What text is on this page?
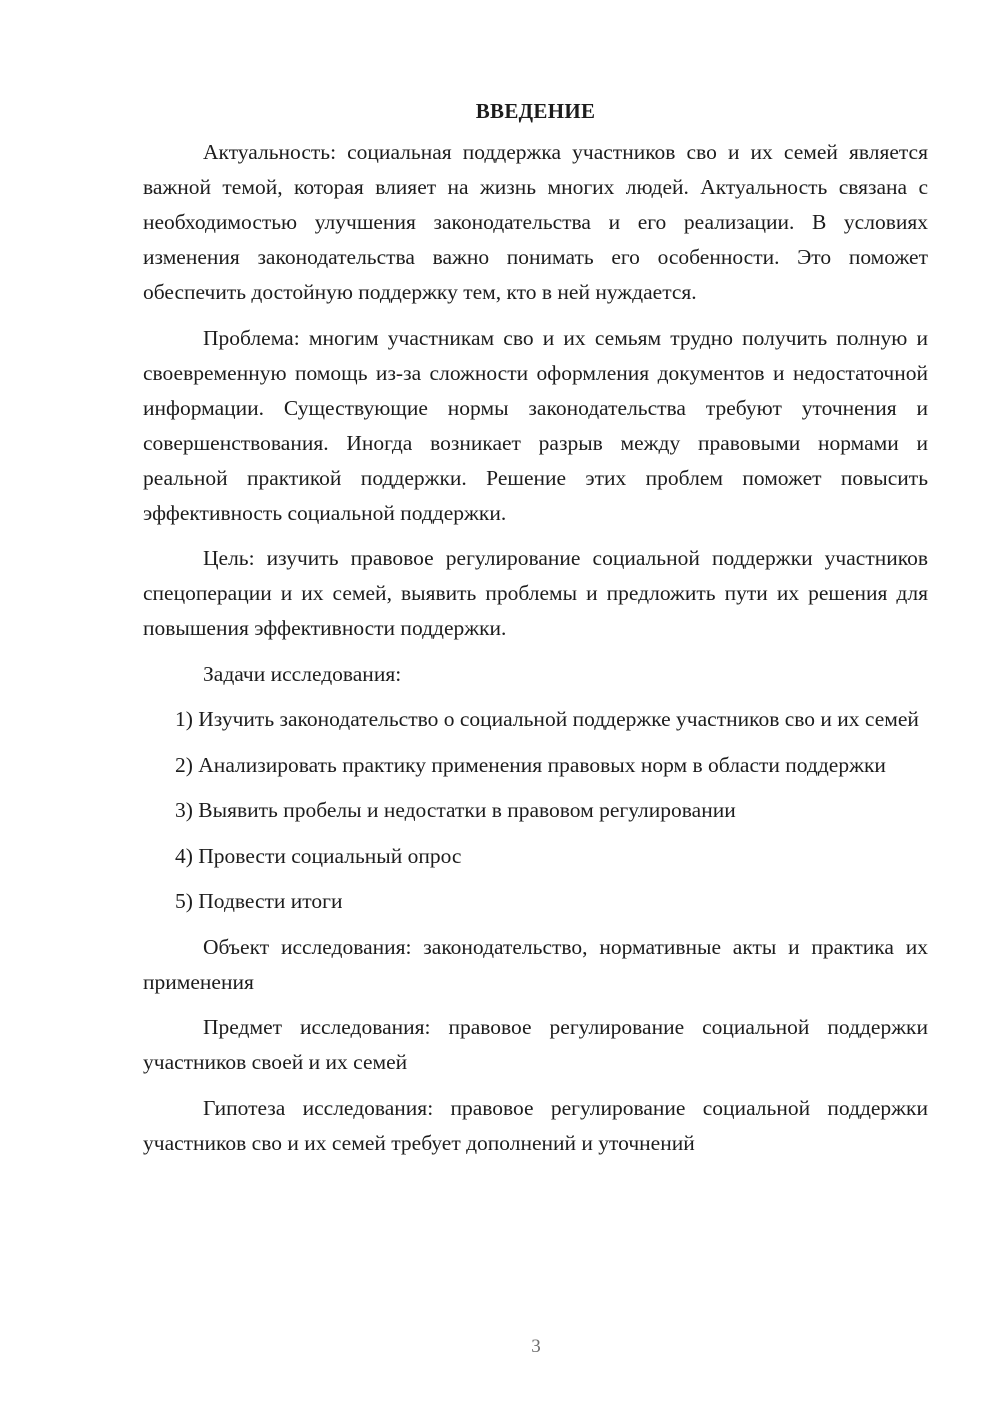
ВВЕДЕНИЕ

Актуальность: социальная поддержка участников сво и их семей является важной темой, которая влияет на жизнь многих людей. Актуальность связана с необходимостью улучшения законодательства и его реализации. В условиях изменения законодательства важно понимать его особенности. Это поможет обеспечить достойную поддержку тем, кто в ней нуждается.

Проблема: многим участникам сво и их семьям трудно получить полную и своевременную помощь из-за сложности оформления документов и недостаточной информации. Существующие нормы законодательства требуют уточнения и совершенствования. Иногда возникает разрыв между правовыми нормами и реальной практикой поддержки. Решение этих проблем поможет повысить эффективность социальной поддержки.

Цель: изучить правовое регулирование социальной поддержки участников спецоперации и их семей, выявить проблемы и предложить пути их решения для повышения эффективности поддержки.

Задачи исследования:

1) Изучить законодательство о социальной поддержке участников сво и их семей

2) Анализировать практику применения правовых норм в области поддержки

3) Выявить пробелы и недостатки в правовом регулировании

4) Провести социальный опрос

5) Подвести итоги

Объект исследования: законодательство, нормативные акты и практика их применения

Предмет исследования: правовое регулирование социальной поддержки участников своей и их семей

Гипотеза исследования: правовое регулирование социальной поддержки участников сво и их семей требует дополнений и уточнений

3
